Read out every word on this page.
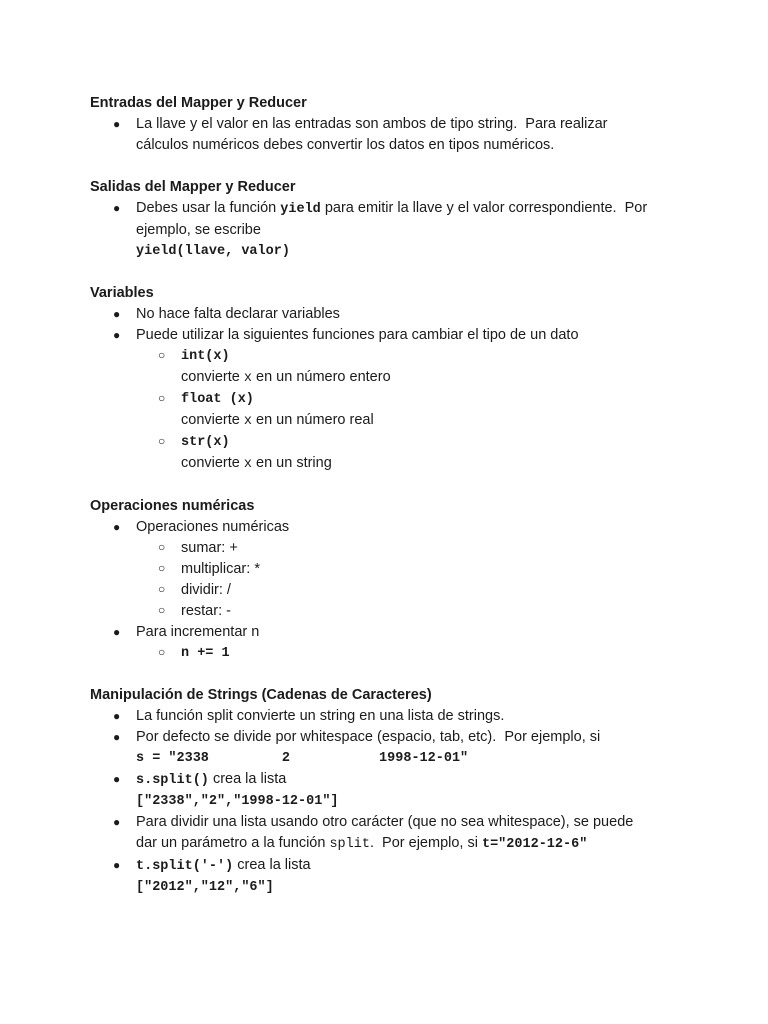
Entradas del Mapper y Reducer
● La llave y el valor en las entradas son ambos de tipo string.  Para realizar
cálculos numéricos debes convertir los datos en tipos numéricos.
Salidas del Mapper y Reducer
● Debes usar la función yield para emitir la llave y el valor correspondiente.  Por
ejemplo, se escribe
yield(llave, valor)
Variables
● No hace falta declarar variables
● Puede utilizar la siguientes funciones para cambiar el tipo de un dato
○ int(x)
convierte x en un número entero
○ float (x)
convierte x en un número real
○ str(x)
convierte x en un string
Operaciones numéricas
● Operaciones numéricas
○ sumar: +
○ multiplicar: *
○ dividir: /
○ restar: -
● Para incrementar n
○ n += 1
Manipulación de Strings (Cadenas de Caracteres)
● La función split convierte un string en una lista de strings.
● Por defecto se divide por whitespace (espacio, tab, etc).  Por ejemplo, si
s = "2338         2           1998-12-01"
● s.split() crea la lista
["2338","2","1998-12-01"]
● Para dividir una lista usando otro carácter (que no sea whitespace), se puede
dar un parámetro a la función split.  Por ejemplo, si t="2012-12-6"
● t.split('-') crea la lista
["2012","12","6"]
